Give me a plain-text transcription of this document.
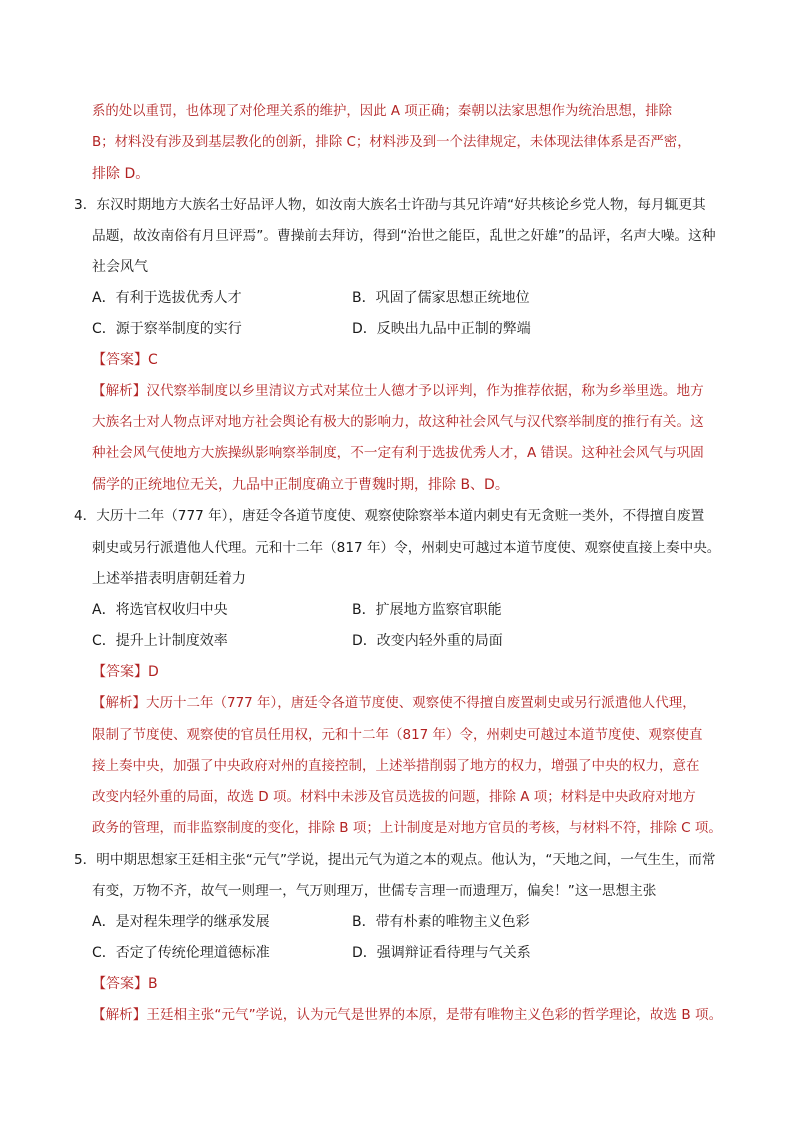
系的处以重罚，也体现了对伦理关系的维护，因此 A 项正确；秦朝以法家思想作为统治思想，排除
B；材料没有涉及到基层教化的创新，排除 C；材料涉及到一个法律规定，未体现法律体系是否严密，
排除 D。
3．东汉时期地方大族名士好品评人物，如汝南大族名士许劭与其兄许靖“好共核论乡党人物，每月辄更其
品题，故汝南俗有月旦评焉”。曹操前去拜访，得到“治世之能臣，乱世之奸雄”的品评，名声大噪。这种
社会风气
A．有利于选拔优秀人才	B．巩固了儒家思想正统地位
C．源于察举制度的实行	D．反映出九品中正制的弊端
【答案】C
【解析】汉代察举制度以乡里清议方式对某位士人德才予以评判，作为推荐依据，称为乡举里选。地方
大族名士对人物点评对地方社会舆论有极大的影响力，故这种社会风气与汉代察举制度的推行有关。这
种社会风气使地方大族操纵影响察举制度，不一定有利于选拔优秀人才，A 错误。这种社会风气与巩固
儒学的正统地位无关，九品中正制度确立于曹魏时期，排除 B、D。
4．大历十二年（777 年），唐廷令各道节度使、观察使除察举本道内刺史有无贪赃一类外，不得擅自废置
刺史或另行派遣他人代理。元和十二年（817 年）令，州刺史可越过本道节度使、观察使直接上奏中央。
上述举措表明唐朝廷着力
A．将选官权收归中央	B．扩展地方监察官职能
C．提升上计制度效率	D．改变内轻外重的局面
【答案】D
【解析】大历十二年（777 年），唐廷令各道节度使、观察使不得擅自废置刺史或另行派遣他人代理，
限制了节度使、观察使的官员任用权，元和十二年（817 年）令，州刺史可越过本道节度使、观察使直
接上奏中央，加强了中央政府对州的直接控制，上述举措削弱了地方的权力，增强了中央的权力，意在
改变内轻外重的局面，故选 D 项。材料中未涉及官员选拔的问题，排除 A 项；材料是中央政府对地方
政务的管理，而非监察制度的变化，排除 B 项；上计制度是对地方官员的考核，与材料不符，排除 C 项。
5．明中期思想家王廷相主张“元气”学说，提出元气为道之本的观点。他认为，“天地之间，一气生生，而常
有变，万物不齐，故气一则理一，气万则理万，世儒专言理一而遗理万，偏矣！”这一思想主张
A．是对程朱理学的继承发展	B．带有朴素的唯物主义色彩
C．否定了传统伦理道德标准	D．强调辩证看待理与气关系
【答案】B
【解析】王廷相主张“元气”学说，认为元气是世界的本原，是带有唯物主义色彩的哲学理论，故选 B 项。
